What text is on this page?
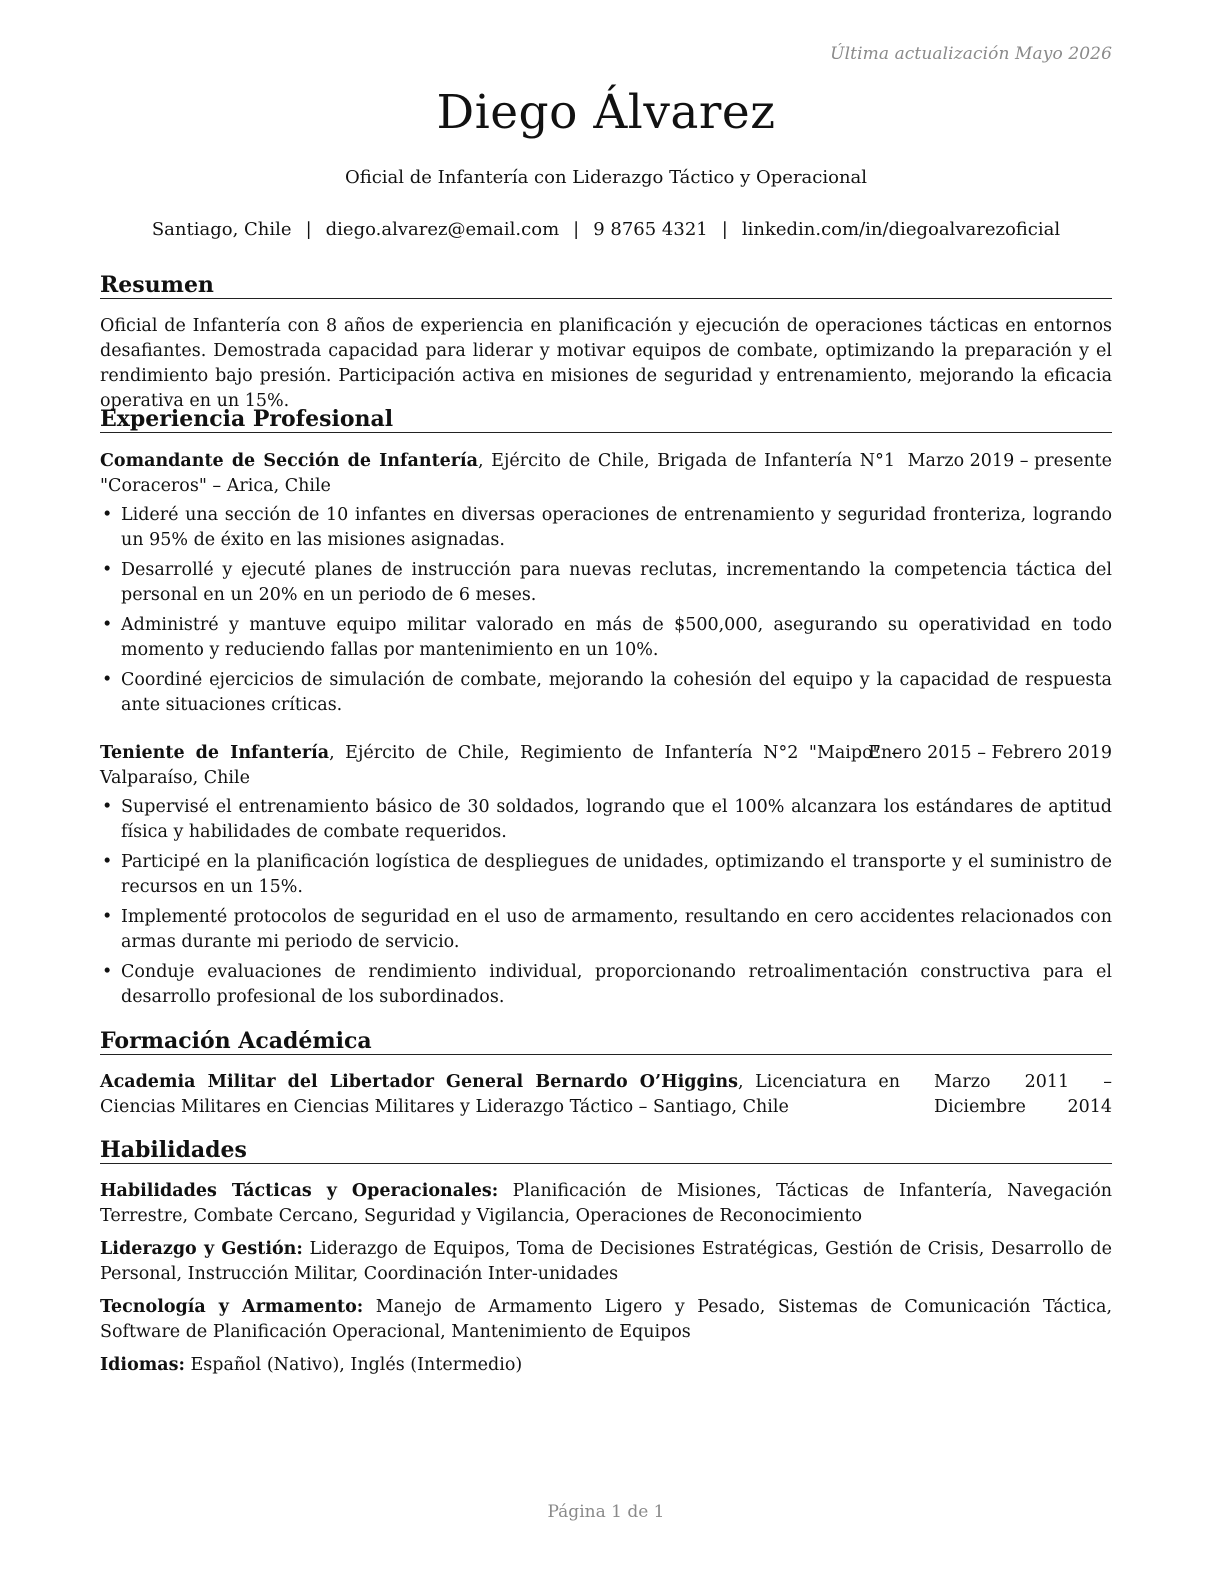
Última actualización Mayo 2026
Diego Álvarez
Oficial de Infantería con Liderazgo Táctico y Operacional
Santiago, Chile | diego.alvarez@email.com | 9 8765 4321 | linkedin.com/in/diegoalvarezoficial
Resumen
Oficial de Infantería con 8 años de experiencia en planificación y ejecución de operaciones tácticas en entornos desafiantes. Demostrada capacidad para liderar y motivar equipos de combate, optimizando la preparación y el rendimiento bajo presión. Participación activa en misiones de seguridad y entrenamiento, mejorando la eficacia operativa en un 15%.
Experiencia Profesional
Comandante de Sección de Infantería, Ejército de Chile, Brigada de Infantería N°1 "Coraceros" – Arica, Chile
Marzo 2019 – presente
• Lideré una sección de 10 infantes en diversas operaciones de entrenamiento y seguridad fronteriza, logrando un 95% de éxito en las misiones asignadas.
• Desarrollé y ejecuté planes de instrucción para nuevas reclutas, incrementando la competencia táctica del personal en un 20% en un periodo de 6 meses.
• Administré y mantuve equipo militar valorado en más de $500,000, asegurando su operatividad en todo momento y reduciendo fallas por mantenimiento en un 10%.
• Coordiné ejercicios de simulación de combate, mejorando la cohesión del equipo y la capacidad de respuesta ante situaciones críticas.
Teniente de Infantería, Ejército de Chile, Regimiento de Infantería N°2 "Maipo" – Valparaíso, Chile
Enero 2015 – Febrero 2019
• Supervisé el entrenamiento básico de 30 soldados, logrando que el 100% alcanzara los estándares de aptitud física y habilidades de combate requeridos.
• Participé en la planificación logística de despliegues de unidades, optimizando el transporte y el suministro de recursos en un 15%.
• Implementé protocolos de seguridad en el uso de armamento, resultando en cero accidentes relacionados con armas durante mi periodo de servicio.
• Conduje evaluaciones de rendimiento individual, proporcionando retroalimentación constructiva para el desarrollo profesional de los subordinados.
Formación Académica
Academia Militar del Libertador General Bernardo O’Higgins, Licenciatura en Ciencias Militares en Ciencias Militares y Liderazgo Táctico – Santiago, Chile
Marzo 2011 – Diciembre 2014
Habilidades
Habilidades Tácticas y Operacionales: Planificación de Misiones, Tácticas de Infantería, Navegación Terrestre, Combate Cercano, Seguridad y Vigilancia, Operaciones de Reconocimiento
Liderazgo y Gestión: Liderazgo de Equipos, Toma de Decisiones Estratégicas, Gestión de Crisis, Desarrollo de Personal, Instrucción Militar, Coordinación Inter-unidades
Tecnología y Armamento: Manejo de Armamento Ligero y Pesado, Sistemas de Comunicación Táctica, Software de Planificación Operacional, Mantenimiento de Equipos
Idiomas: Español (Nativo), Inglés (Intermedio)
Página 1 de 1
